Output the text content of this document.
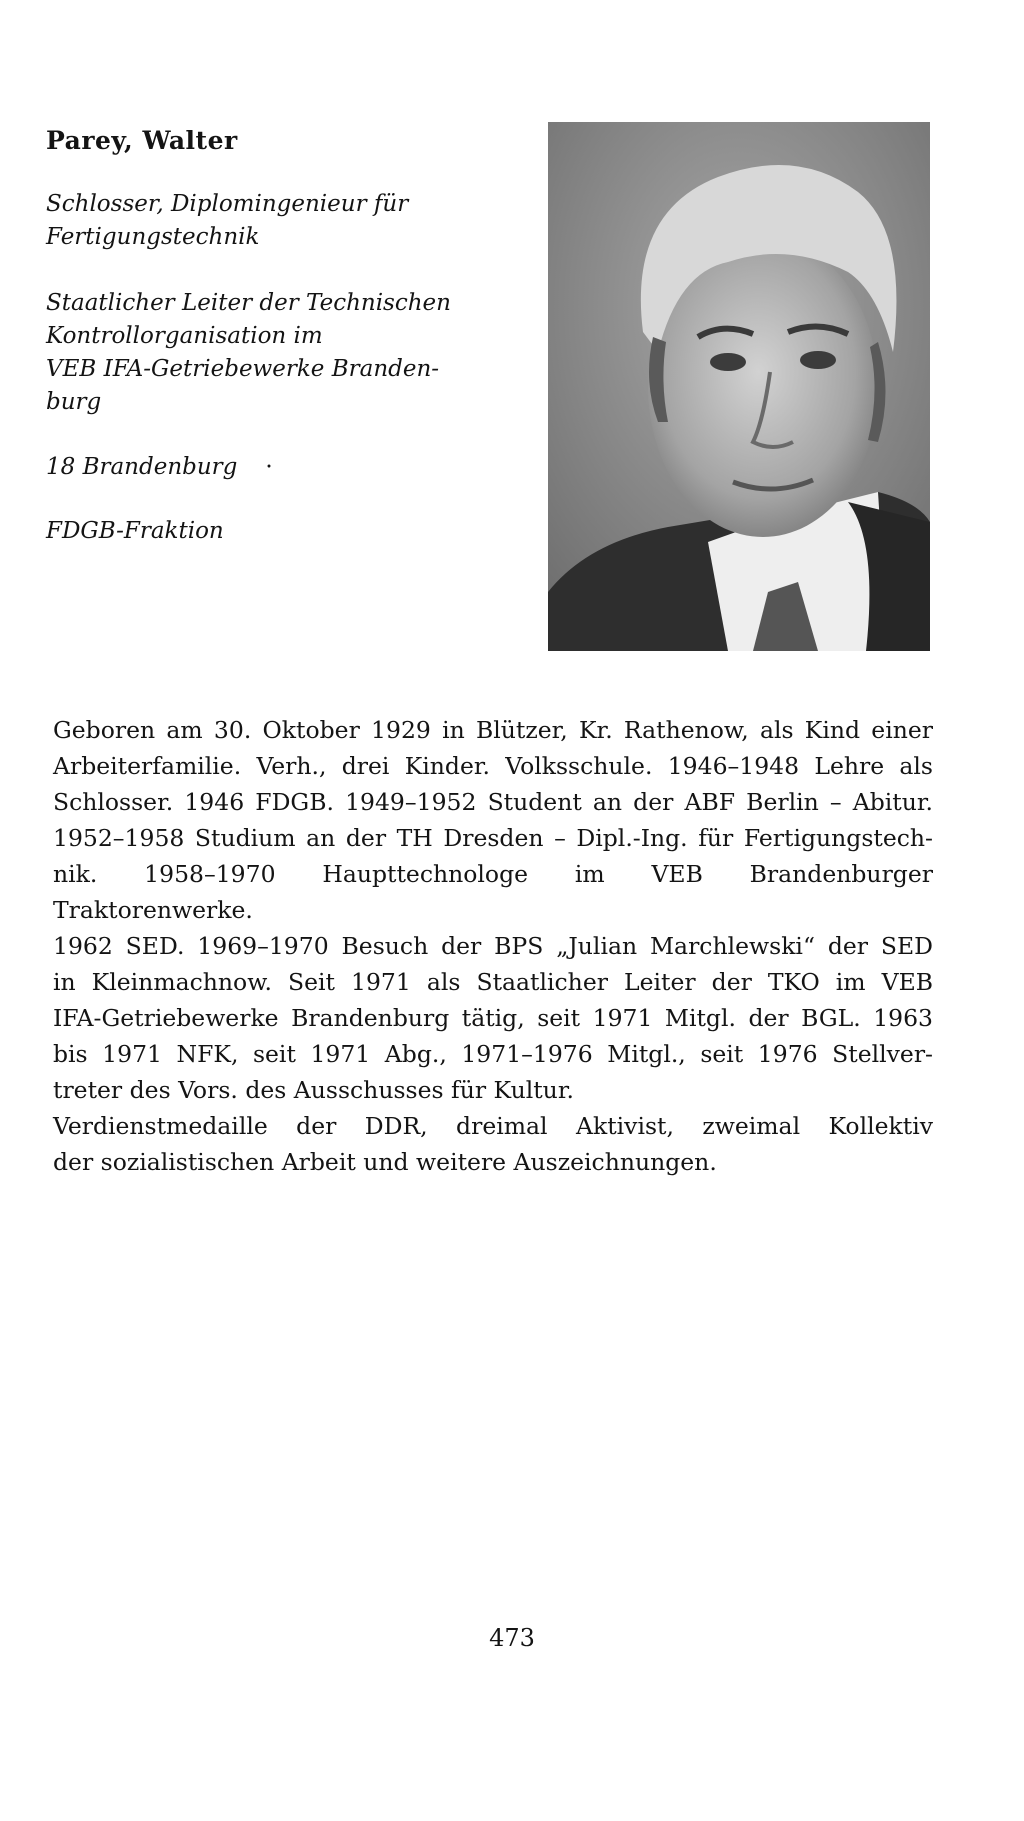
Parey, Walter
Schlosser, Diplomingenieur für
Fertigungstechnik
Staatlicher Leiter der Technischen
Kontrollorganisation im
VEB IFA-Getriebewerke Branden-
burg
18 Brandenburg ·
FDGB-Fraktion

Geboren am 30. Oktober 1929 in Blützer, Kr. Rathenow, als Kind einer

Arbeiterfamilie. Verh., drei Kinder. Volksschule. 1946–1948 Lehre als

Schlosser. 1946 FDGB. 1949–1952 Student an der ABF Berlin – Abitur.

1952–1958 Studium an der TH Dresden – Dipl.-Ing. für Fertigungstech-

nik. 1958–1970 Haupttechnologe im VEB Brandenburger Traktorenwerke.

1962 SED. 1969–1970 Besuch der BPS „Julian Marchlewski“ der SED

in Kleinmachnow. Seit 1971 als Staatlicher Leiter der TKO im VEB

IFA-Getriebewerke Brandenburg tätig, seit 1971 Mitgl. der BGL. 1963

bis 1971 NFK, seit 1971 Abg., 1971–1976 Mitgl., seit 1976 Stellver-

treter des Vors. des Ausschusses für Kultur.

Verdienstmedaille der DDR, dreimal Aktivist, zweimal Kollektiv

der sozialistischen Arbeit und weitere Auszeichnungen.

473
